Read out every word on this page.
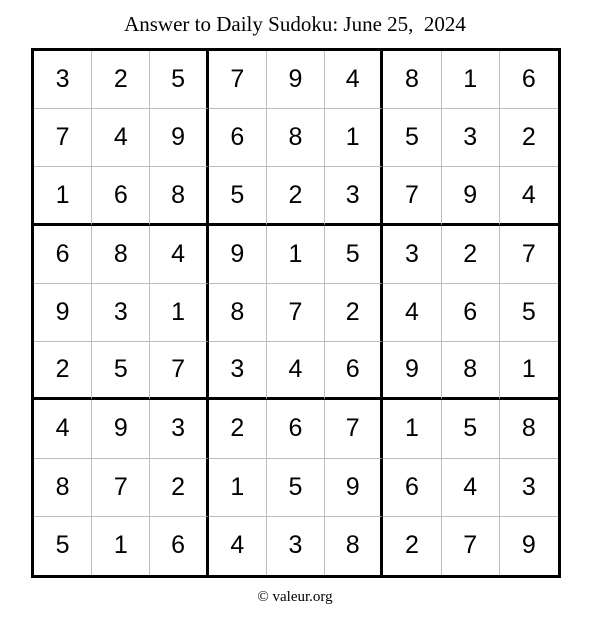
Answer to Daily Sudoku: June 25,  2024
3	2	5	7	9	4	8	1	6
7	4	9	6	8	1	5	3	2
1	6	8	5	2	3	7	9	4
6	8	4	9	1	5	3	2	7
9	3	1	8	7	2	4	6	5
2	5	7	3	4	6	9	8	1
4	9	3	2	6	7	1	5	8
8	7	2	1	5	9	6	4	3
5	1	6	4	3	8	2	7	9
© valeur.org
